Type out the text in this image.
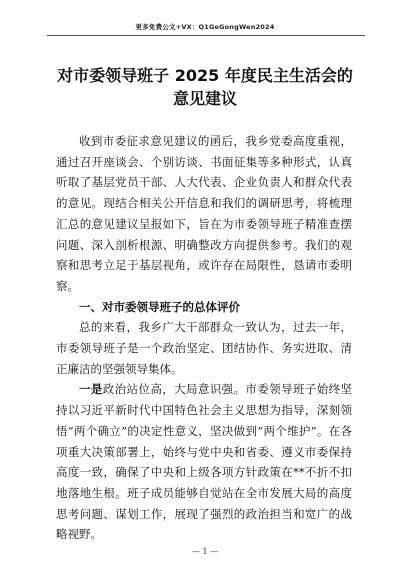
更多免费公文+VX：Q1GeGongWen2024
对市委领导班子 2025 年度民主生活会的
意见建议

收到市委征求意见建议的函后，我乡党委高度重视，通过召开座谈会、个别访谈、书面征集等多种形式，认真听取了基层党员干部、人大代表、企业负责人和群众代表的意见。现结合相关公开信息和我们的调研思考，将梳理汇总的意见建议呈报如下，旨在为市委领导班子精准查摆问题、深入剖析根源、明确整改方向提供参考。我们的观察和思考立足于基层视角，或许存在局限性，恳请市委明察。

一、对市委领导班子的总体评价

总的来看，我乡广大干部群众一致认为，过去一年，市委领导班子是一个政治坚定、团结协作、务实进取、清正廉洁的坚强领导集体。

一是政治站位高，大局意识强。市委领导班子始终坚持以习近平新时代中国特色社会主义思想为指导，深刻领悟“两个确立”的决定性意义，坚决做到“两个维护”。在各项重大决策部署上，始终与党中央和省委、遵义市委保持高度一致，确保了中央和上级各项方针政策在**不折不扣地落地生根。班子成员能够自觉站在全市发展大局的高度思考问题、谋划工作，展现了强烈的政治担当和宽广的战略视野。

— 1 —
